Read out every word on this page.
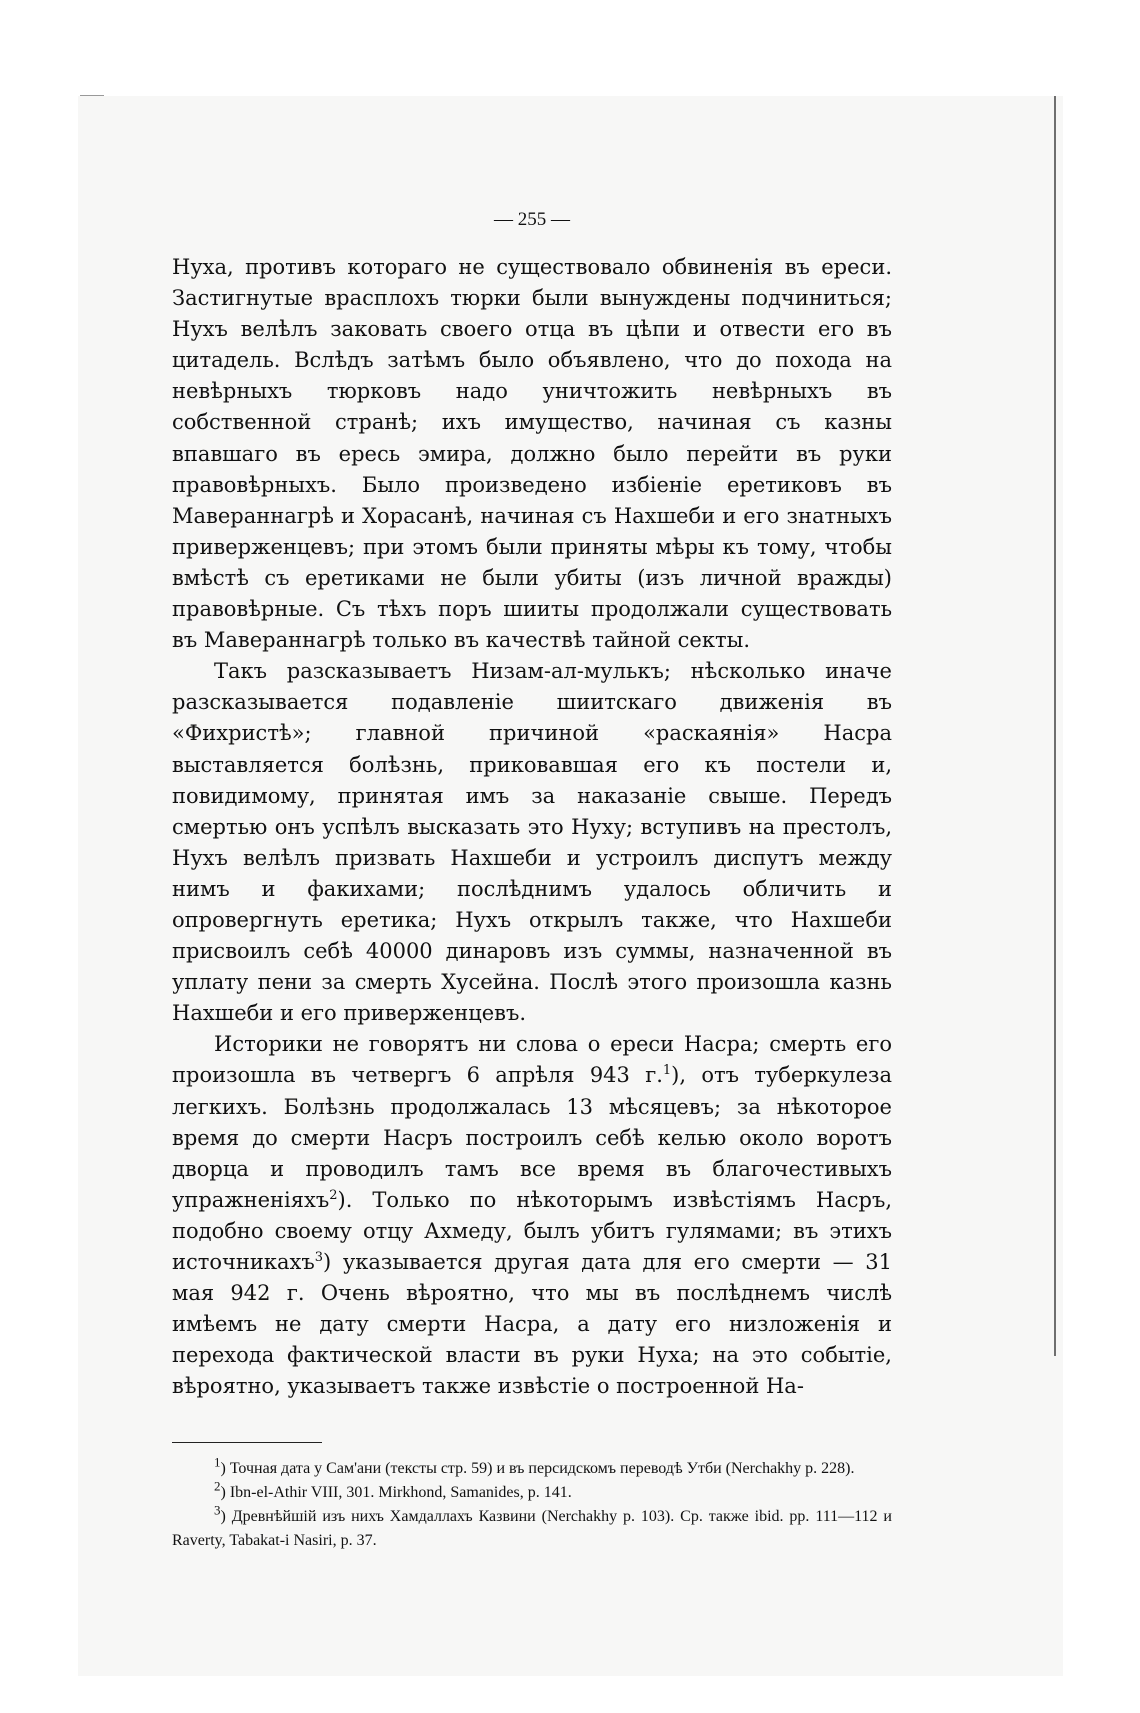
— 255 —

Нуха, противъ котораго не существовало обвиненія въ ереси. Застигнутые врасплохъ тюрки были вынуждены подчиниться; Нухъ велѣлъ заковать своего отца въ цѣпи и отвести его въ цитадель. Вслѣдъ затѣмъ было объявлено, что до похода на невѣрныхъ тюрковъ надо уничтожить невѣрныхъ въ собственной странѣ; ихъ имущество, начиная съ казны впавшаго въ ересь эмира, должно было перейти въ руки правовѣрныхъ. Было произведено избіеніе еретиковъ въ Мавераннагрѣ и Хорасанѣ, начиная съ Нахшеби и его знатныхъ приверженцевъ; при этомъ были приняты мѣры къ тому, чтобы вмѣстѣ съ еретиками не были убиты (изъ личной вражды) правовѣрные. Съ тѣхъ поръ шииты продолжали существовать въ Мавераннагрѣ только въ качествѣ тайной секты.

Такъ разсказываетъ Низам-ал-мулькъ; нѣсколько иначе разсказывается подавленіе шиитскаго движенія въ «Фихристѣ»; главной причиной «раскаянія» Насра выставляется болѣзнь, приковавшая его къ постели и, повидимому, принятая имъ за наказаніе свыше. Передъ смертью онъ успѣлъ высказать это Нуху; вступивъ на престолъ, Нухъ велѣлъ призвать Нахшеби и устроилъ диспутъ между нимъ и факихами; послѣднимъ удалось обличить и опровергнуть еретика; Нухъ открылъ также, что Нахшеби присвоилъ себѣ 40000 динаровъ изъ суммы, назначенной въ уплату пени за смерть Хусейна. Послѣ этого произошла казнь Нахшеби и его приверженцевъ.

Историки не говорятъ ни слова о ереси Насра; смерть его произошла въ четвергъ 6 апрѣля 943 г.$^1$), отъ туберкулеза легкихъ. Болѣзнь продолжалась 13 мѣсяцевъ; за нѣкоторое время до смерти Насръ построилъ себѣ келью около воротъ дворца и проводилъ тамъ все время въ благочестивыхъ упражненіяхъ$^2$). Только по нѣкоторымъ извѣстіямъ Насръ, подобно своему отцу Ахмеду, былъ убитъ гулямами; въ этихъ источникахъ$^3$) указывается другая дата для его смерти — 31 мая 942 г. Очень вѣроятно, что мы въ послѣднемъ числѣ имѣемъ не дату смерти Насра, а дату его низложенія и перехода фактической власти въ руки Нуха; на это событіе, вѣроятно, указываетъ также извѣстіе о построенной На-

$^1$) Точная дата у Сам'ани (тексты стр. 59) и въ персидскомъ переводѣ Утби (Nerchakhy p. 228).

$^2$) Ibn-el-Athir VIII, 301. Mirkhond, Samanides, p. 141.

$^3$) Древнѣйшій изъ нихъ Хамдаллахъ Казвини (Nerchakhy p. 103). Ср. также ibid. pp. 111—112 и Raverty, Tabakat-i Nasiri, p. 37.
